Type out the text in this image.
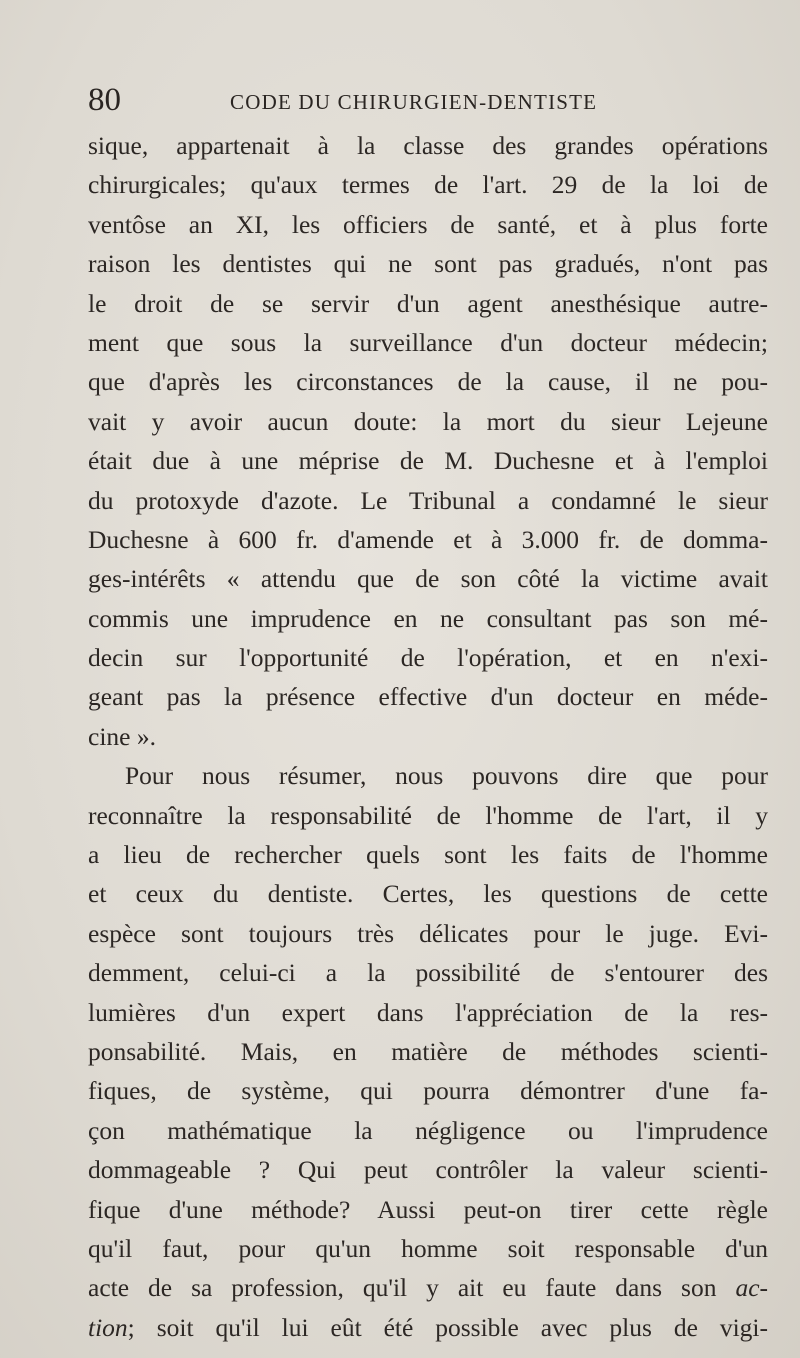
80	CODE DU CHIRURGIEN-DENTISTE
sique, appartenait à la classe des grandes opérations
chirurgicales; qu'aux termes de l'art. 29 de la loi de
ventôse an XI, les officiers de santé, et à plus forte
raison les dentistes qui ne sont pas gradués, n'ont pas
le droit de se servir d'un agent anesthésique autre-
ment que sous la surveillance d'un docteur médecin;
que d'après les circonstances de la cause, il ne pou-
vait y avoir aucun doute: la mort du sieur Lejeune
était due à une méprise de M. Duchesne et à l'emploi
du protoxyde d'azote. Le Tribunal a condamné le sieur
Duchesne à 600 fr. d'amende et à 3.000 fr. de domma-
ges-intérêts « attendu que de son côté la victime avait
commis une imprudence en ne consultant pas son mé-
decin sur l'opportunité de l'opération, et en n'exi-
geant pas la présence effective d'un docteur en méde-
cine ».
Pour nous résumer, nous pouvons dire que pour
reconnaître la responsabilité de l'homme de l'art, il y
a lieu de rechercher quels sont les faits de l'homme
et ceux du dentiste. Certes, les questions de cette
espèce sont toujours très délicates pour le juge. Evi-
demment, celui-ci a la possibilité de s'entourer des
lumières d'un expert dans l'appréciation de la res-
ponsabilité. Mais, en matière de méthodes scienti-
fiques, de système, qui pourra démontrer d'une fa-
çon mathématique la négligence ou l'imprudence
dommageable ? Qui peut contrôler la valeur scienti-
fique d'une méthode? Aussi peut-on tirer cette règle
qu'il faut, pour qu'un homme soit responsable d'un
acte de sa profession, qu'il y ait eu faute dans son ac-
tion; soit qu'il lui eût été possible avec plus de vigi-
